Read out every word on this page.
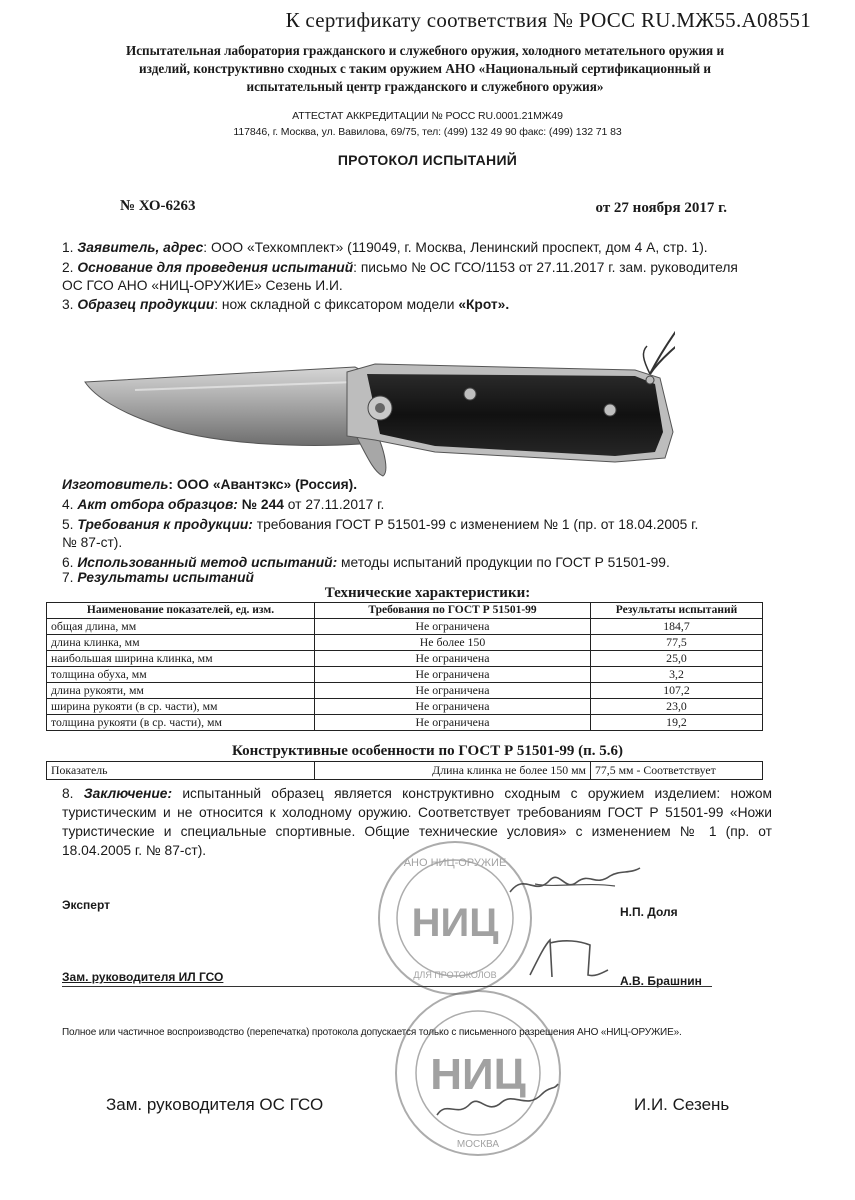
К сертификату соответствия № РОСС RU.МЖ55.А08551
Испытательная лаборатория гражданского и служебного оружия, холодного метательного оружия и
изделий, конструктивно сходных с таким оружием АНО «Национальный сертификационный и
испытательный центр гражданского и служебного оружия»
АТТЕСТАТ АККРЕДИТАЦИИ № РОСС RU.0001.21МЖ49
117846, г. Москва, ул. Вавилова, 69/75, тел: (499) 132 49 90 факс: (499) 132 71 83
ПРОТОКОЛ ИСПЫТАНИЙ
№ ХО-6263	от 27 ноября 2017 г.
1. Заявитель, адрес: ООО «Техкомплект» (119049, г. Москва, Ленинский проспект, дом 4 А, стр. 1).
2. Основание для проведения испытаний: письмо № ОС ГСО/1153 от 27.11.2017 г. зам. руководителя
ОС ГСО АНО «НИЦ-ОРУЖИЕ» Сезень И.И.
3. Образец продукции: нож складной с фиксатором модели «Крот».
Изготовитель: ООО «Авантэкс» (Россия).
4. Акт отбора образцов: № 244 от 27.11.2017 г.
5. Требования к продукции: требования ГОСТ Р 51501-99 с изменением № 1 (пр. от 18.04.2005 г.
№ 87-ст).
6. Использованный метод испытаний: методы испытаний продукции по ГОСТ Р 51501-99.
7. Результаты испытаний
Технические характеристики:
Наименование показателей, ед. изм.	Требования по ГОСТ Р 51501-99	Результаты испытаний
общая длина, мм	Не ограничена	184,7
длина клинка, мм	Не более 150	77,5
наибольшая ширина клинка, мм	Не ограничена	25,0
толщина обуха, мм	Не ограничена	3,2
длина рукояти, мм	Не ограничена	107,2
ширина рукояти (в ср. части), мм	Не ограничена	23,0
толщина рукояти (в ср. части), мм	Не ограничена	19,2
Конструктивные особенности по ГОСТ Р 51501-99 (п. 5.6)
Показатель	Длина клинка не более 150 мм	77,5 мм - Соответствует
8. Заключение: испытанный образец является конструктивно сходным с оружием изделием: ножом туристическим и не относится к холодному оружию. Соответствует требованиям ГОСТ Р 51501-99 «Ножи туристические и специальные спортивные. Общие технические условия» с изменением № 1 (пр. от 18.04.2005 г. № 87-ст).
АНО НИЦ-ОРУЖИЕ
ДЛЯ ПРОТОКОЛОВ
НИЦ
НИЦ
МОСКВА
Эксперт	Н.П. Доля
Зам. руководителя ИЛ ГСО	А.В. Брашнин
Полное или частичное воспроизводство (перепечатка) протокола допускается только с письменного разрешения АНО «НИЦ-ОРУЖИЕ».
Зам. руководителя ОС ГСО	И.И. Сезень
